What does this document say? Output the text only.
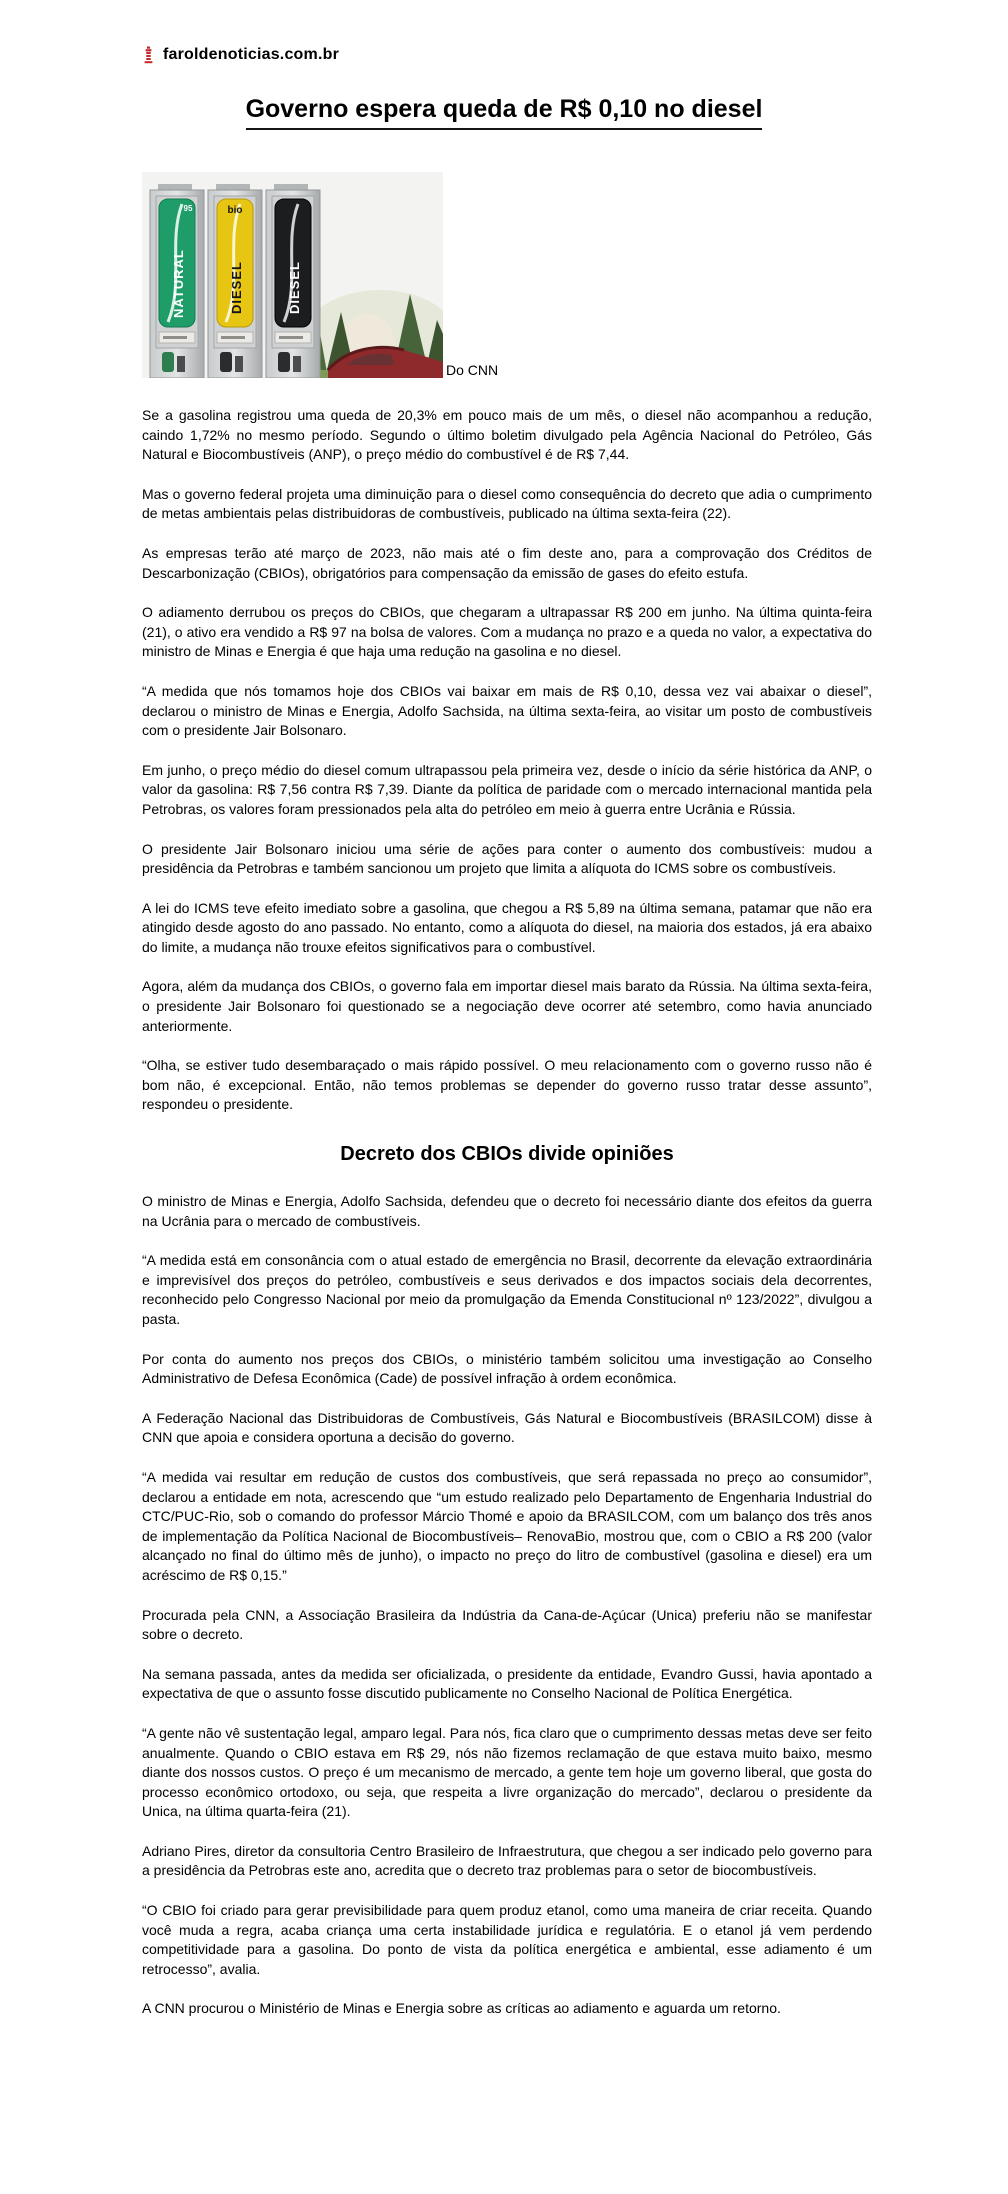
faroldenoticias.com.br
Governo espera queda de R$ 0,10 no diesel
95
NATURAL
bio
DIESEL	DIESEL
Do CNN

Se a gasolina registrou uma queda de 20,3% em pouco mais de um mês, o diesel não acompanhou a redução, caindo 1,72% no mesmo período. Segundo o último boletim divulgado pela Agência Nacional do Petróleo, Gás Natural e Biocombustíveis (ANP), o preço médio do combustível é de R$ 7,44.

Mas o governo federal projeta uma diminuição para o diesel como consequência do decreto que adia o cumprimento de metas ambientais pelas distribuidoras de combustíveis, publicado na última sexta-feira (22).

As empresas terão até março de 2023, não mais até o fim deste ano, para a comprovação dos Créditos de Descarbonização (CBIOs), obrigatórios para compensação da emissão de gases do efeito estufa.

O adiamento derrubou os preços do CBIOs, que chegaram a ultrapassar R$ 200 em junho. Na última quinta-feira (21), o ativo era vendido a R$ 97 na bolsa de valores. Com a mudança no prazo e a queda no valor, a expectativa do ministro de Minas e Energia é que haja uma redução na gasolina e no diesel.

“A medida que nós tomamos hoje dos CBIOs vai baixar em mais de R$ 0,10, dessa vez vai abaixar o diesel”, declarou o ministro de Minas e Energia, Adolfo Sachsida, na última sexta-feira, ao visitar um posto de combustíveis com o presidente Jair Bolsonaro.

Em junho, o preço médio do diesel comum ultrapassou pela primeira vez, desde o início da série histórica da ANP, o valor da gasolina: R$ 7,56 contra R$ 7,39. Diante da política de paridade com o mercado internacional mantida pela Petrobras, os valores foram pressionados pela alta do petróleo em meio à guerra entre Ucrânia e Rússia.

O presidente Jair Bolsonaro iniciou uma série de ações para conter o aumento dos combustíveis: mudou a presidência da Petrobras e também sancionou um projeto que limita a alíquota do ICMS sobre os combustíveis.

A lei do ICMS teve efeito imediato sobre a gasolina, que chegou a R$ 5,89 na última semana, patamar que não era atingido desde agosto do ano passado. No entanto, como a alíquota do diesel, na maioria dos estados, já era abaixo do limite, a mudança não trouxe efeitos significativos para o combustível.

Agora, além da mudança dos CBIOs, o governo fala em importar diesel mais barato da Rússia. Na última sexta-feira, o presidente Jair Bolsonaro foi questionado se a negociação deve ocorrer até setembro, como havia anunciado anteriormente.

“Olha, se estiver tudo desembaraçado o mais rápido possível. O meu relacionamento com o governo russo não é bom não, é excepcional. Então, não temos problemas se depender do governo russo tratar desse assunto”, respondeu o presidente.

Decreto dos CBIOs divide opiniões

O ministro de Minas e Energia, Adolfo Sachsida, defendeu que o decreto foi necessário diante dos efeitos da guerra na Ucrânia para o mercado de combustíveis.

“A medida está em consonância com o atual estado de emergência no Brasil, decorrente da elevação extraordinária e imprevisível dos preços do petróleo, combustíveis e seus derivados e dos impactos sociais dela decorrentes, reconhecido pelo Congresso Nacional por meio da promulgação da Emenda Constitucional nº 123/2022”, divulgou a pasta.

Por conta do aumento nos preços dos CBIOs, o ministério também solicitou uma investigação ao Conselho Administrativo de Defesa Econômica (Cade) de possível infração à ordem econômica.

A Federação Nacional das Distribuidoras de Combustíveis, Gás Natural e Biocombustíveis (BRASILCOM) disse à CNN que apoia e considera oportuna a decisão do governo.

“A medida vai resultar em redução de custos dos combustíveis, que será repassada no preço ao consumidor”, declarou a entidade em nota, acrescendo que “um estudo realizado pelo Departamento de Engenharia Industrial do CTC/PUC-Rio, sob o comando do professor Márcio Thomé e apoio da BRASILCOM, com um balanço dos três anos de implementação da Política Nacional de Biocombustíveis– RenovaBio, mostrou que, com o CBIO a R$ 200 (valor alcançado no final do último mês de junho), o impacto no preço do litro de combustível (gasolina e diesel) era um acréscimo de R$ 0,15.”

Procurada pela CNN, a Associação Brasileira da Indústria da Cana-de-Açúcar (Unica) preferiu não se manifestar sobre o decreto.

Na semana passada, antes da medida ser oficializada, o presidente da entidade, Evandro Gussi, havia apontado a expectativa de que o assunto fosse discutido publicamente no Conselho Nacional de Política Energética.

“A gente não vê sustentação legal, amparo legal. Para nós, fica claro que o cumprimento dessas metas deve ser feito anualmente. Quando o CBIO estava em R$ 29, nós não fizemos reclamação de que estava muito baixo, mesmo diante dos nossos custos. O preço é um mecanismo de mercado, a gente tem hoje um governo liberal, que gosta do processo econômico ortodoxo, ou seja, que respeita a livre organização do mercado”, declarou o presidente da Unica, na última quarta-feira (21).

Adriano Pires, diretor da consultoria Centro Brasileiro de Infraestrutura, que chegou a ser indicado pelo governo para a presidência da Petrobras este ano, acredita que o decreto traz problemas para o setor de biocombustíveis.

“O CBIO foi criado para gerar previsibilidade para quem produz etanol, como uma maneira de criar receita. Quando você muda a regra, acaba criança uma certa instabilidade jurídica e regulatória. E o etanol já vem perdendo competitividade para a gasolina. Do ponto de vista da política energética e ambiental, esse adiamento é um retrocesso”, avalia.

A CNN procurou o Ministério de Minas e Energia sobre as críticas ao adiamento e aguarda um retorno.
